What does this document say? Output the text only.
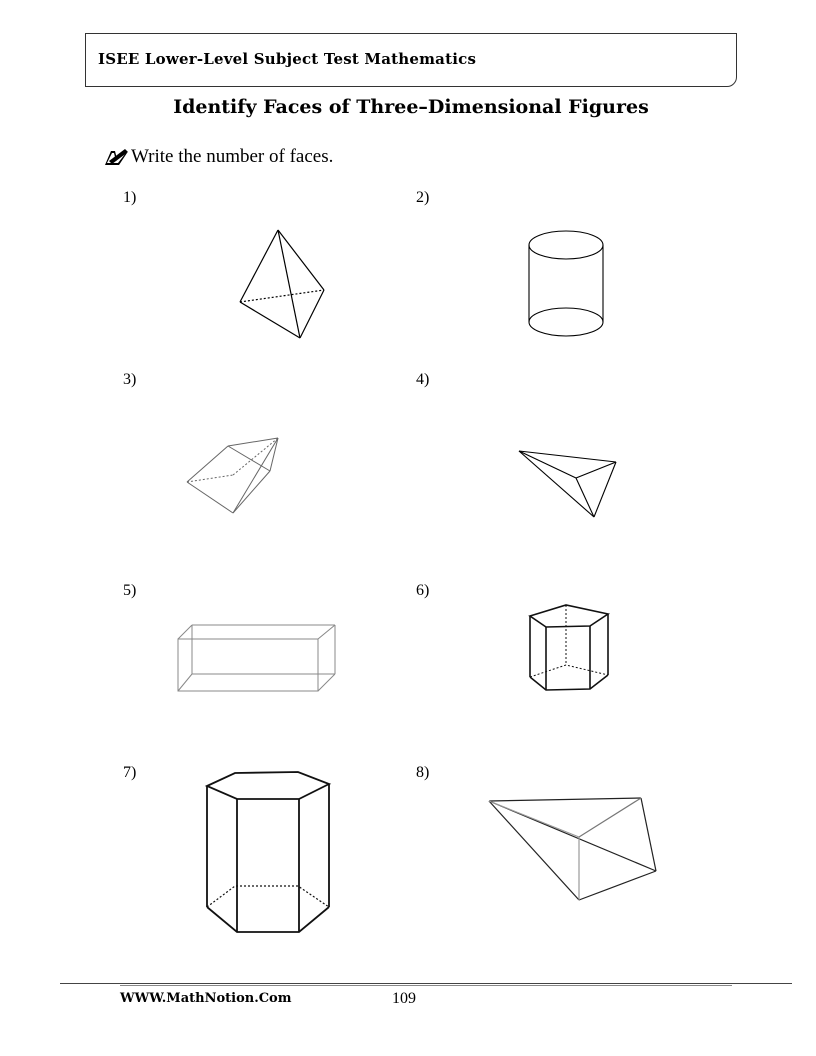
ISEE Lower-Level Subject Test Mathematics
Identify Faces of Three–Dimensional Figures
Write the number of faces.
1)	2)
3)	4)
5)	6)
7)	8)
WWW.MathNotion.Com	109
